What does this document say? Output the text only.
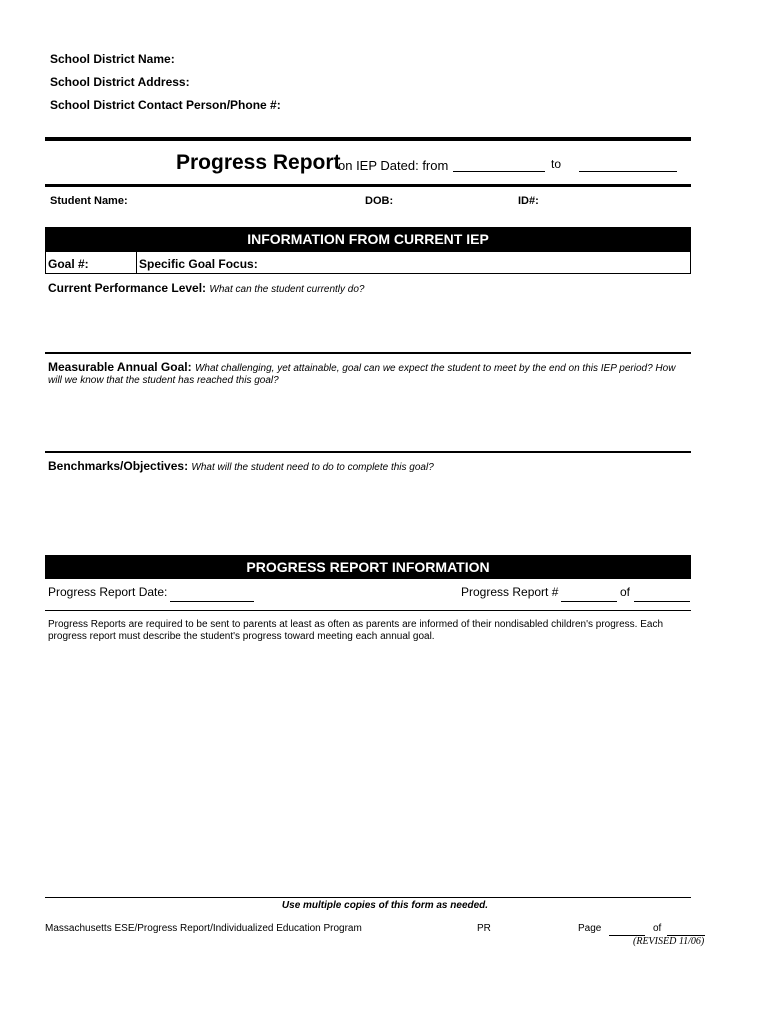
School District Name:
School District Address:
School District Contact Person/Phone #:
Progress Report
on IEP Dated: from	to
Student Name:	DOB:	ID#:
INFORMATION FROM CURRENT IEP
Goal #:	Specific Goal Focus:
Current Performance Level: What can the student currently do?
Measurable Annual Goal: What challenging, yet attainable, goal can we expect the student to meet by the end on this IEP period? How
will we know that the student has reached this goal?
Benchmarks/Objectives: What will the student need to do to complete this goal?
PROGRESS REPORT INFORMATION
Progress Report Date:	Progress Report #	of
Progress Reports are required to be sent to parents at least as often as parents are informed of their nondisabled children's progress. Each
progress report must describe the student's progress toward meeting each annual goal.
Use multiple copies of this form as needed.
Massachusetts ESE/Progress Report/Individualized Education Program	PR	Page	of
(REVISED 11/06)
